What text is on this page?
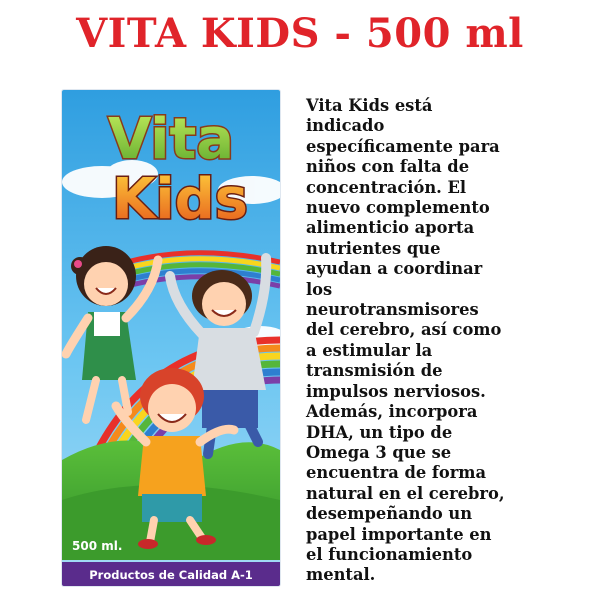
VITA KIDS - 500 ml
Vita
Kids
500 ml.
Productos de Calidad A-1

Vita Kids está indicado específicamente para niños con falta de concentración. El nuevo complemento alimenticio aporta nutrientes que ayudan a coordinar los neurotransmisores del cerebro, así como a estimular la transmisión de impulsos nerviosos. Además, incorpora DHA, un tipo de Omega 3 que se encuentra de forma natural en el cerebro, desempeñando un papel importante en el funcionamiento mental.
